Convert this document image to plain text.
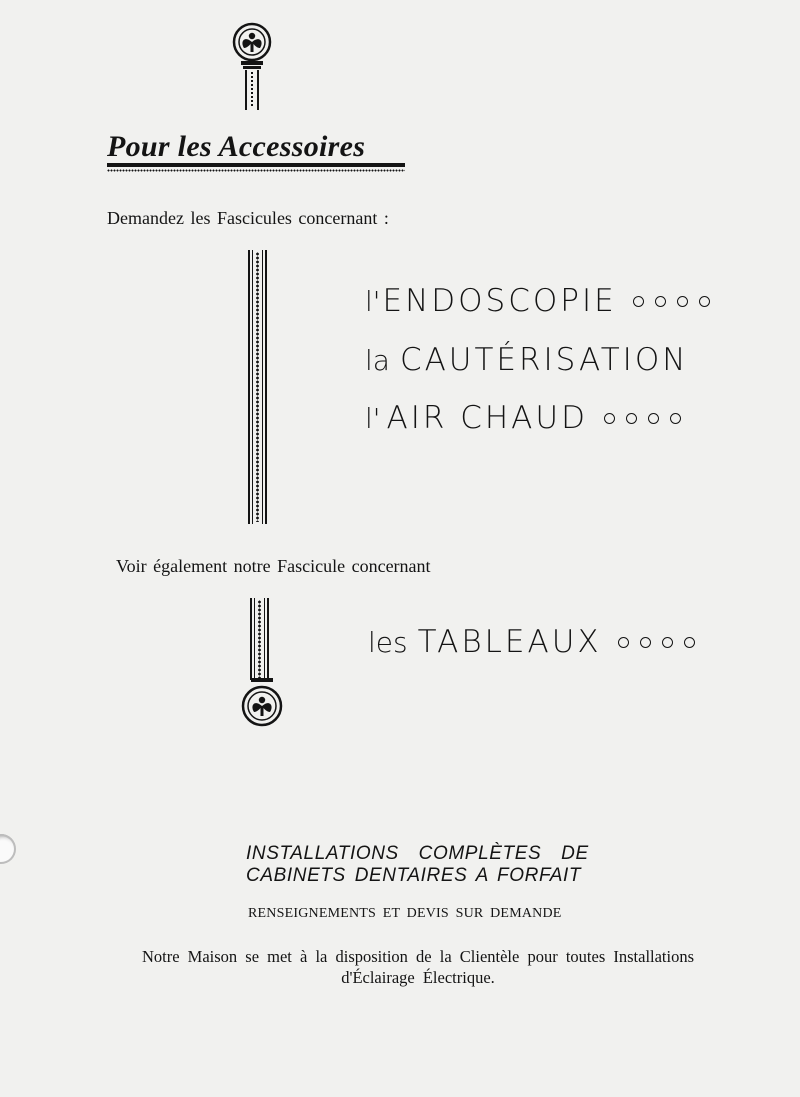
Pour les Accessoires
Demandez les Fascicules concernant :
l' ENDOSCOPIE
la CAUTÉRISATION
l' AIR CHAUD
Voir également notre Fascicule concernant
les TABLEAUX
INSTALLATIONS COMPLÈTES DE
CABINETS DENTAIRES A FORFAIT
RENSEIGNEMENTS ET DEVIS SUR DEMANDE
Notre Maison se met à la disposition de la Clientèle pour toutes Installations
d'Éclairage Électrique.
